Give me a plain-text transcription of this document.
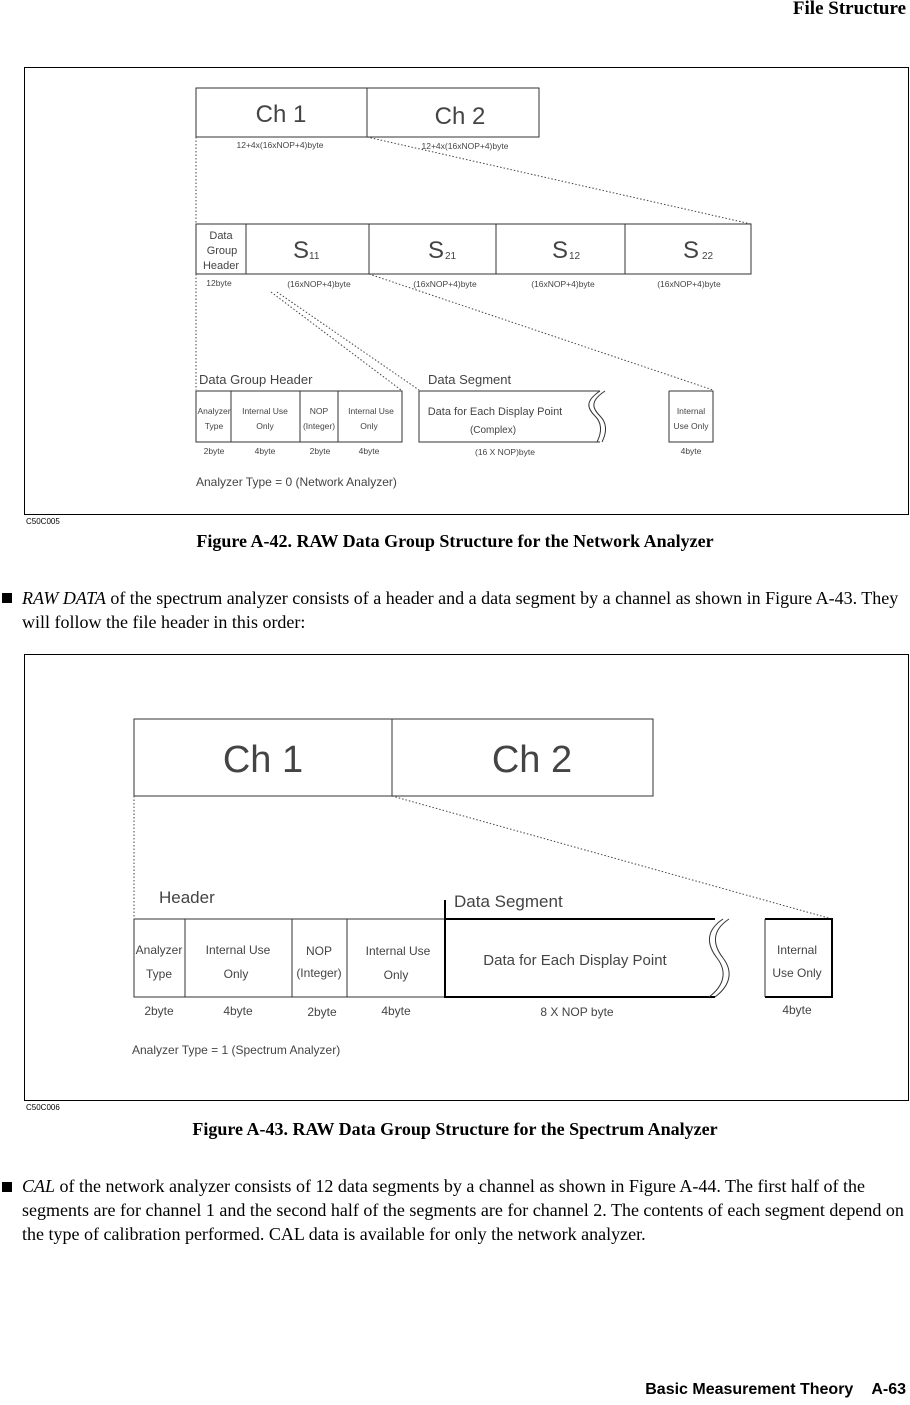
File Structure
Ch 1	Ch 2
12+4x(16xNOP+4)byte	12+4x(16xNOP+4)byte
Data
Group
Header
S 11	S 21	S 12	S 22
12byte	(16xNOP+4)byte	(16xNOP+4)byte	(16xNOP+4)byte	(16xNOP+4)byte
Data Group Header	Data Segment
Analyzer
Type
Internal Use
Only
NOP
(Integer)
Internal Use
Only
Data for Each Display Point
(Complex)
Internal
Use Only
2byte	4byte	2byte	4byte	(16 X NOP)byte	4byte
Analyzer Type = 0 (Network Analyzer)
C50C005
Figure A-42. RAW Data Group Structure for the Network Analyzer
RAW DATA of the spectrum analyzer consists of a header and a data segment by a channel as shown in Figure A-43. They will follow the file header in this order:
Ch 1	Ch 2
Header	Data Segment
Analyzer
Type
Internal Use
Only
NOP
(Integer)
Internal Use
Only
Data for Each Display Point
Internal
Use Only
2byte	4byte	2byte	4byte	8 X NOP byte	4byte
Analyzer Type = 1 (Spectrum Analyzer)
C50C006
Figure A-43. RAW Data Group Structure for the Spectrum Analyzer
CAL of the network analyzer consists of 12 data segments by a channel as shown in Figure A-44. The first half of the segments are for channel 1 and the second half of the segments are for channel 2. The contents of each segment depend on the type of calibration performed. CAL data is available for only the network analyzer.
Basic Measurement Theory A-63
